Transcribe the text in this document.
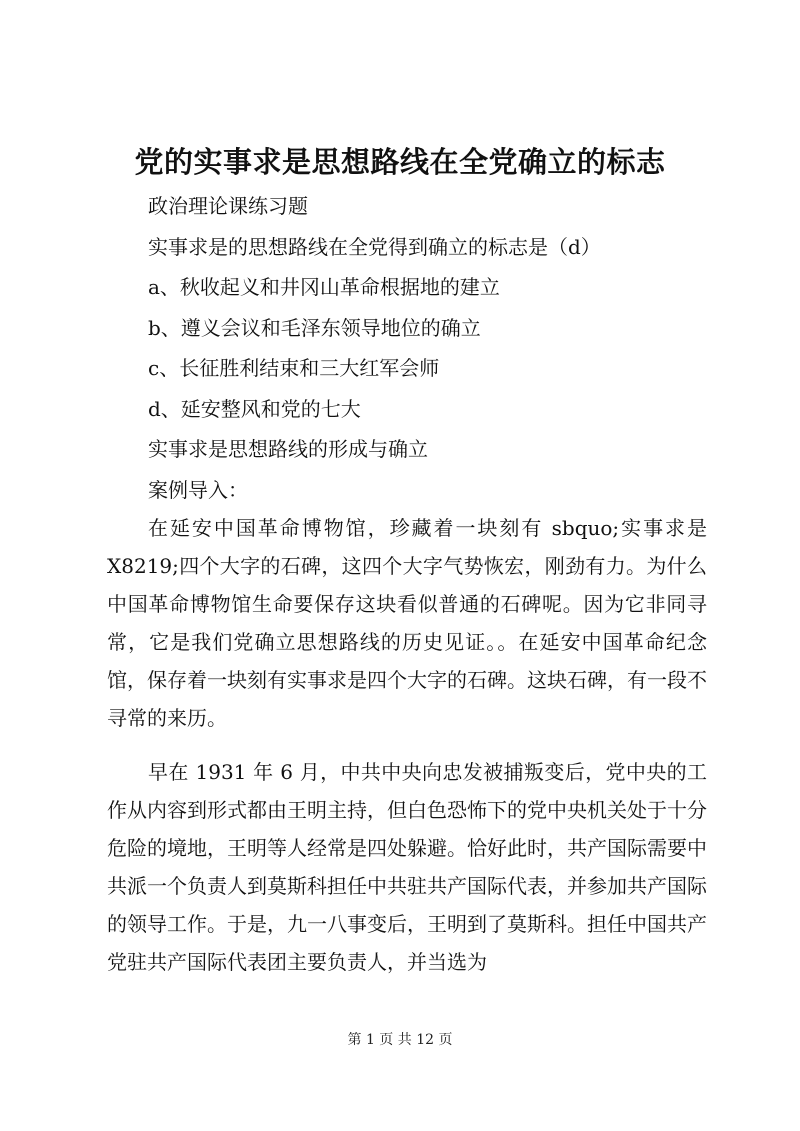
党的实事求是思想路线在全党确立的标志
政治理论课练习题
实事求是的思想路线在全党得到确立的标志是（d）
a、秋收起义和井冈山革命根据地的建立
b、遵义会议和毛泽东领导地位的确立
c、长征胜利结束和三大红军会师
d、延安整风和党的七大
实事求是思想路线的形成与确立
案例导入：

在延安中国革命博物馆，珍藏着一块刻有 sbquo;实事求是X8219;四个大字的石碑，这四个大字气势恢宏，刚劲有力。为什么中国革命博物馆生命要保存这块看似普通的石碑呢。因为它非同寻常，它是我们党确立思想路线的历史见证。。在延安中国革命纪念馆，保存着一块刻有实事求是四个大字的石碑。这块石碑，有一段不寻常的来历。

早在 1931 年 6 月，中共中央向忠发被捕叛变后，党中央的工作从内容到形式都由王明主持，但白色恐怖下的党中央机关处于十分危险的境地，王明等人经常是四处躲避。恰好此时，共产国际需要中共派一个负责人到莫斯科担任中共驻共产国际代表，并参加共产国际的领导工作。于是，九一八事变后，王明到了莫斯科。担任中国共产党驻共产国际代表团主要负责人，并当选为

第 1 页 共 12 页
